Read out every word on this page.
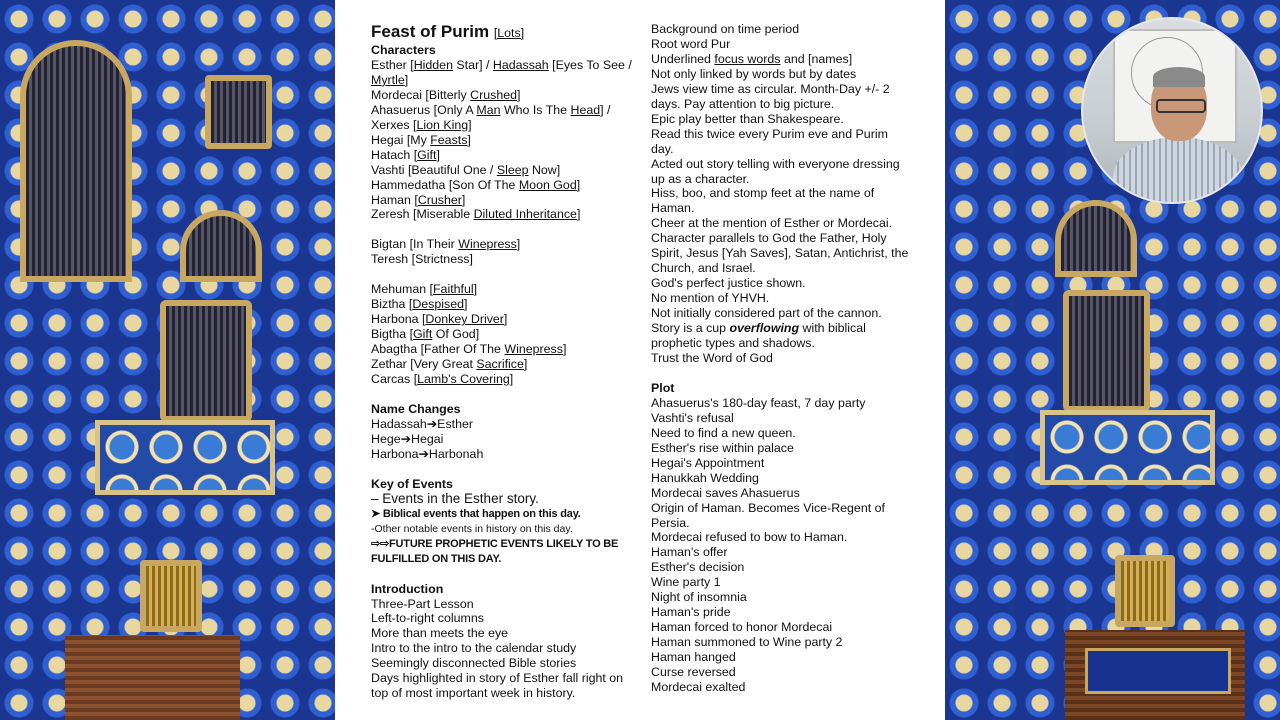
Feast of Purim [Lots]
Characters
Esther [Hidden Star] / Hadassah [Eyes To See / Myrtle]
Mordecai [Bitterly Crushed]
Ahasuerus [Only A Man Who Is The Head] / Xerxes [Lion King]
Hegai [My Feasts]
Hatach [Gift]
Vashti [Beautiful One / Sleep Now]
Hammedatha [Son Of The Moon God]
Haman [Crusher]
Zeresh [Miserable Diluted Inheritance]
Bigtan [In Their Winepress]
Teresh [Strictness]
Mehuman [Faithful]
Biztha [Despised]
Harbona [Donkey Driver]
Bigtha [Gift Of God]
Abagtha [Father Of The Winepress]
Zethar [Very Great Sacrifice]
Carcas [Lamb's Covering]
Name Changes
Hadassah➔Esther
Hege➔Hegai
Harbona➔Harbonah
Key of Events
– Events in the Esther story.
➤ Biblical events that happen on this day.
-Other notable events in history on this day.
⇨⇨FUTURE PROPHETIC EVENTS LIKELY TO BE FULFILLED ON THIS DAY.
Introduction
Three-Part Lesson
Left-to-right columns
More than meets the eye
Intro to the intro to the calendar study
Seemingly disconnected Bible stories
Days highlighted in story of Esther fall right on top of most important week in history.
Background on time period
Root word Pur
Underlined focus words and [names]
Not only linked by words but by dates
Jews view time as circular. Month-Day +/- 2 days. Pay attention to big picture.
Epic play better than Shakespeare.
Read this twice every Purim eve and Purim day.
Acted out story telling with everyone dressing up as a character.
Hiss, boo, and stomp feet at the name of Haman.
Cheer at the mention of Esther or Mordecai.
Character parallels to God the Father, Holy Spirit, Jesus [Yah Saves], Satan, Antichrist, the Church, and Israel.
God's perfect justice shown.
No mention of YHVH.
Not initially considered part of the cannon.
Story is a cup overflowing with biblical prophetic types and shadows.
Trust the Word of God
Plot
Ahasuerus's 180-day feast, 7 day party
Vashti's refusal
Need to find a new queen.
Esther's rise within palace
Hegai's Appointment
Hanukkah Wedding
Mordecai saves Ahasuerus
Origin of Haman. Becomes Vice-Regent of Persia.
Mordecai refused to bow to Haman.
Haman's offer
Esther's decision
Wine party 1
Night of insomnia
Haman's pride
Haman forced to honor Mordecai
Haman summoned to Wine party 2
Haman hanged
Curse reversed
Mordecai exalted
